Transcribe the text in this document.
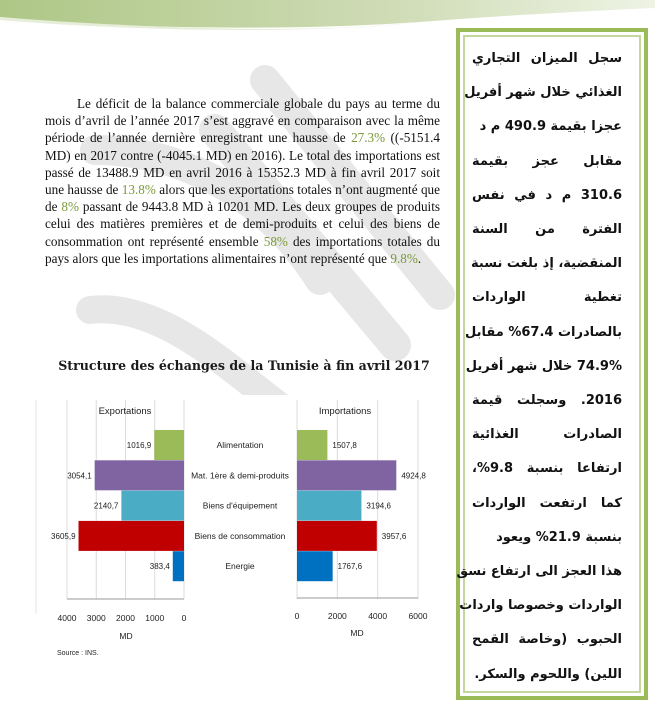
Le déficit de la balance commerciale globale du pays au terme du mois d’avril de l’année 2017 s’est aggravé en comparaison avec la même période de l’année dernière enregistrant une hausse de 27.3% ((-5151.4 MD) en 2017 contre (-4045.1 MD) en 2016). Le total des importations est passé de 13488.9 MD en avril 2016 à 15352.3 MD à fin avril 2017 soit une hausse de 13.8% alors que les exportations totales n’ont augmenté que de 8% passant de 9443.8 MD à 10201 MD. Les deux groupes de produits celui des matières premières et de demi-produits et celui des biens de consommation ont représenté ensemble 58% des importations totales du pays alors que les importations alimentaires n’ont représenté que 9.8%.

Structure des échanges de la Tunisie à fin avril 2017
Exportations	Importations
1016,9	1507,8
3054,1	4924,8
2140,7	3194,6
3605,9	3957,6
383,4	1767,6
Alimentation
Mat. 1ère & demi-produits
Biens d'équipement
Biens de consommation
Energie
4000 3000 2000 1000 0	0	2000	4000	6000
MD	MD
Source : INS.
سجل الميزان التجاري
الغذائي خلال شهر أفريل
عجزا بقيمة 490.9 م د
مقابل عجز بقيمة
310.6 م د في نفس
الفترة من السنة
المنقضية، إذ بلغت نسبة
تغطية الواردات
بالصادرات 67.4% مقابل
74.9% خلال شهر أفريل
2016. وسجلت قيمة
الصادرات الغذائية
ارتفاعا بنسبة 9.8%،
كما ارتفعت الواردات
بنسبة 21.9% ويعود
هذا العجز الى ارتفاع نسق
الواردات وخصوصا واردات
الحبوب (وخاصة القمح
اللين) واللحوم والسكر.
